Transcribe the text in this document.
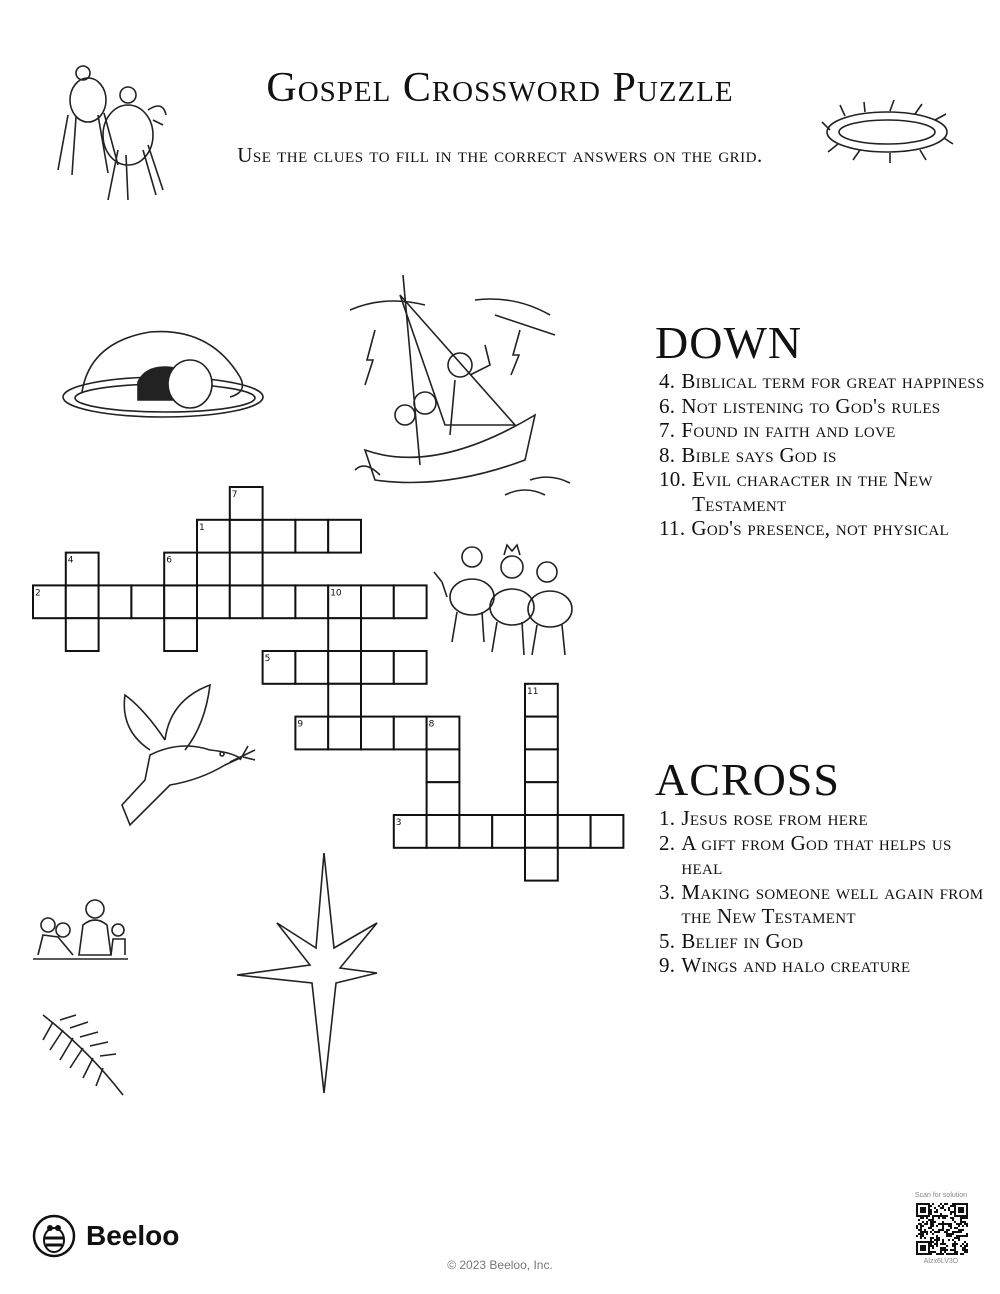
Gospel Crossword Puzzle
Use the clues to fill in the correct answers on the grid.
1
2
3
4
5
6
7
8
9
10
11
DOWN
4. Biblical term for great happiness
6. Not listening to God's rules
7. Found in faith and love
8. Bible says God is
10. Evil character in the New Testament
11. God's presence, not physical
ACROSS
1. Jesus rose from here
2. A gift from God that helps us heal
3. Making someone well again from the New Testament
5. Belief in God
9. Wings and halo creature
Beeloo
© 2023 Beeloo, Inc.
Scan for solution
Alzx6LV3O
